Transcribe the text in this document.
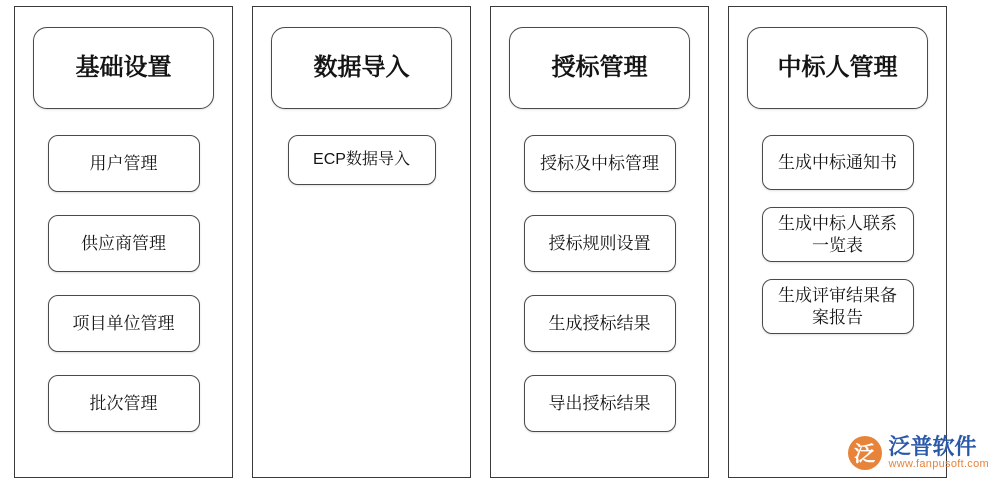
基础设置
用户管理
供应商管理
项目单位管理
批次管理
数据导入
ECP数据导入
授标管理
授标及中标管理
授标规则设置
生成授标结果
导出授标结果
中标人管理
生成中标通知书
生成中标人联系一览表
生成评审结果备案报告
泛 泛普软件
www.fanpusoft.com
